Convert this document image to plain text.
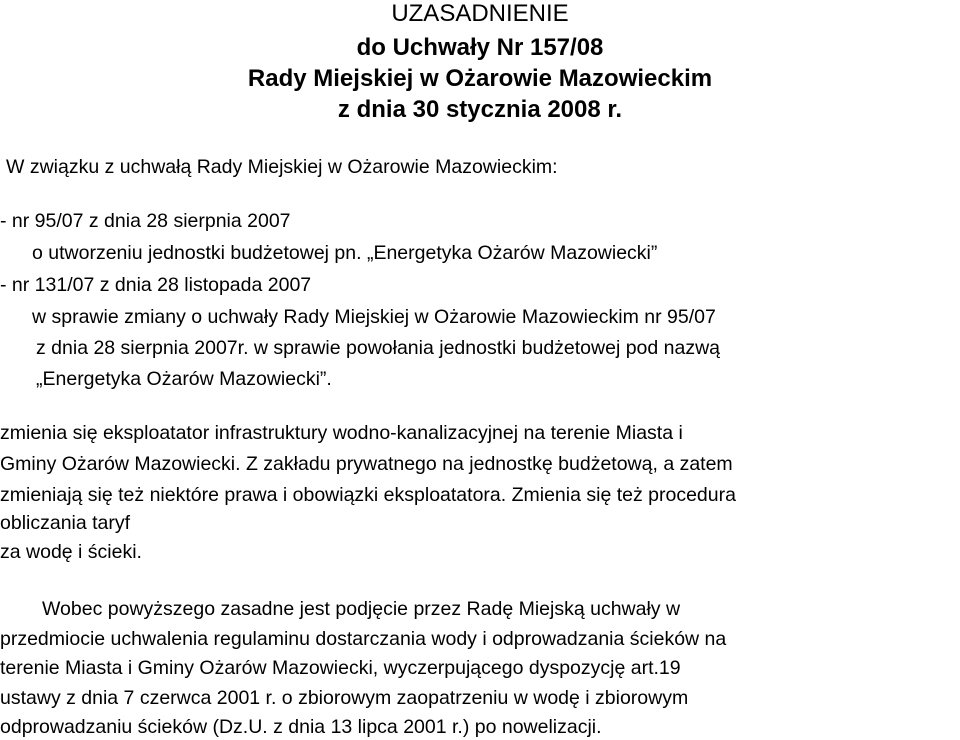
UZASADNIENIE
do Uchwały Nr 157/08
Rady Miejskiej w Ożarowie Mazowieckim
z dnia 30 stycznia 2008 r.
W związku z uchwałą Rady Miejskiej w Ożarowie Mazowieckim:
- nr 95/07 z dnia 28 sierpnia 2007
o utworzeniu jednostki budżetowej pn. „Energetyka Ożarów Mazowiecki”
- nr 131/07 z dnia 28 listopada 2007
w sprawie zmiany o uchwały Rady Miejskiej w Ożarowie Mazowieckim nr 95/07
z dnia 28 sierpnia 2007r. w sprawie powołania jednostki budżetowej pod nazwą
„Energetyka Ożarów Mazowiecki”.
zmienia się eksploatator infrastruktury wodno-kanalizacyjnej na terenie Miasta i
Gminy Ożarów Mazowiecki. Z zakładu prywatnego na jednostkę budżetową, a zatem
zmieniają się też niektóre prawa i obowiązki eksploatatora. Zmienia się też procedura
obliczania taryf
za wodę i ścieki.
Wobec powyższego zasadne jest podjęcie przez Radę Miejską uchwały w
przedmiocie uchwalenia regulaminu dostarczania wody i odprowadzania ścieków na
terenie Miasta i Gminy Ożarów Mazowiecki, wyczerpującego dyspozycję art.19
ustawy z dnia 7 czerwca 2001 r. o zbiorowym zaopatrzeniu w wodę i zbiorowym
odprowadzaniu ścieków (Dz.U. z dnia 13 lipca 2001 r.) po nowelizacji.
